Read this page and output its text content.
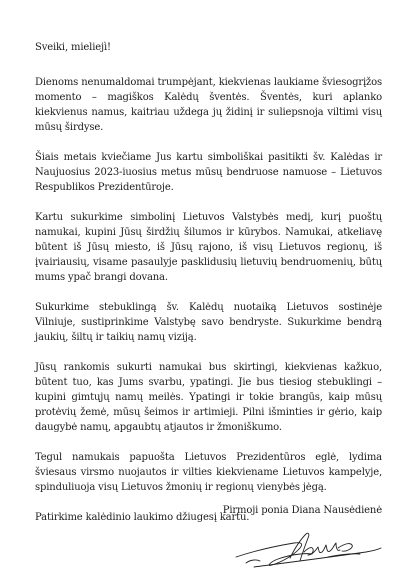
Sveiki, mieliejì!

Dienoms nenumaldomai trumpėjant, kiekvienas laukiame šviesogrįžos momento – magiškos Kalėdų šventės. Šventės, kuri aplanko kiekvienus namus, kaitriau uždega jų židinį ir suliepsnoja viltimi visų mūsų širdyse.

Šiais metais kviečiame Jus kartu simboliškai pasitikti šv. Kalėdas ir Naujuosius 2023-iuosius metus mūsų bendruose namuose – Lietuvos Respublikos Prezidentūroje.

Kartu sukurkime simbolinį Lietuvos Valstybės medį, kurį puoštų namukai, kupini Jūsų širdžių šilumos ir kūrybos. Namukai, atkeliavę būtent iš Jūsų miesto, iš Jūsų rajono, iš visų Lietuvos regionų, iš įvairiausių, visame pasaulyje pasklidusių lietuvių bendruomenių, būtų mums ypač brangi dovana.

Sukurkime stebuklingą šv. Kalėdų nuotaiką Lietuvos sostinėje Vilniuje, sustiprinkime Valstybę savo bendryste. Sukurkime bendrą jaukių, šiltų ir taikių namų viziją.

Jūsų rankomis sukurti namukai bus skirtingi, kiekvienas kažkuo, būtent tuo, kas Jums svarbu, ypatingi. Jie bus tiesiog stebuklingi – kupini gimtųjų namų meilės. Ypatingi ir tokie brangūs, kaip mūsų protėvių žemė, mūsų šeimos ir artimieji. Pilni išminties ir gėrio, kaip daugybė namų, apgaubtų atjautos ir žmoniškumo.

Tegul namukais papuošta Lietuvos Prezidentūros eglė, lydima šviesaus virsmo nuojautos ir vilties kiekviename Lietuvos kampelyje, spinduliuoja visų Lietuvos žmonių ir regionų vienybės jėgą.

Patirkime kalėdinio laukimo džiugesį kartu.

Pirmoji ponia Diana Nausėdienė
